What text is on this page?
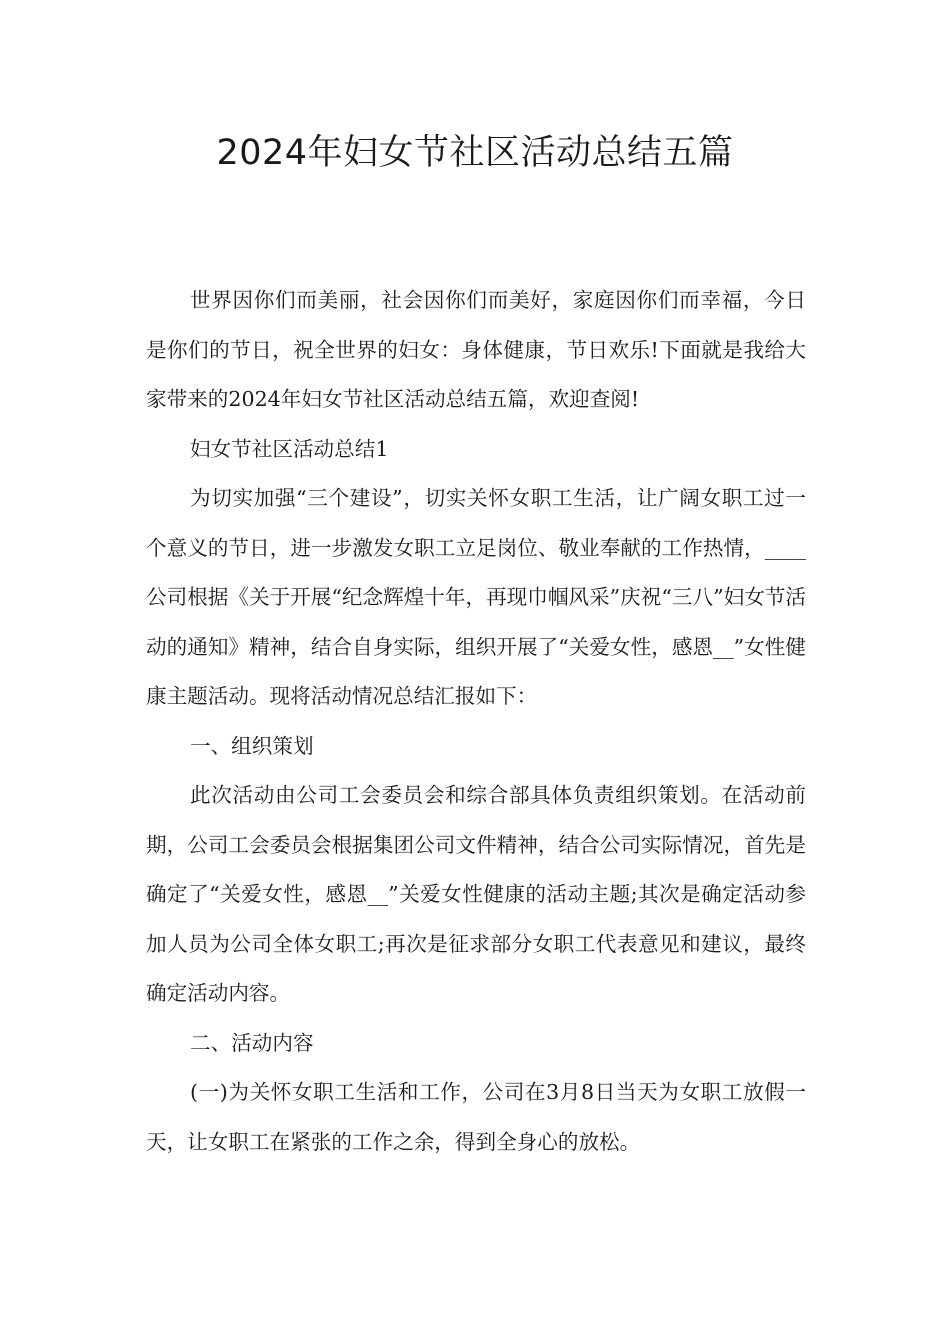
2024年妇女节社区活动总结五篇

世界因你们而美丽，社会因你们而美好，家庭因你们而幸福，今日是你们的节日，祝全世界的妇女：身体健康，节日欢乐!下面就是我给大家带来的2024年妇女节社区活动总结五篇，欢迎查阅!

妇女节社区活动总结1

为切实加强“三个建设”，切实关怀女职工生活，让广阔女职工过一个意义的节日，进一步激发女职工立足岗位、敬业奉献的工作热情，____公司根据《关于开展“纪念辉煌十年，再现巾帼风采”庆祝“三八”妇女节活动的通知》精神，结合自身实际，组织开展了“关爱女性，感恩__”女性健康主题活动。现将活动情况总结汇报如下：

一、组织策划

此次活动由公司工会委员会和综合部具体负责组织策划。在活动前期，公司工会委员会根据集团公司文件精神，结合公司实际情况，首先是确定了“关爱女性，感恩__”关爱女性健康的活动主题;其次是确定活动参加人员为公司全体女职工;再次是征求部分女职工代表意见和建议，最终确定活动内容。

二、活动内容

(一)为关怀女职工生活和工作，公司在3月8日当天为女职工放假一天，让女职工在紧张的工作之余，得到全身心的放松。
